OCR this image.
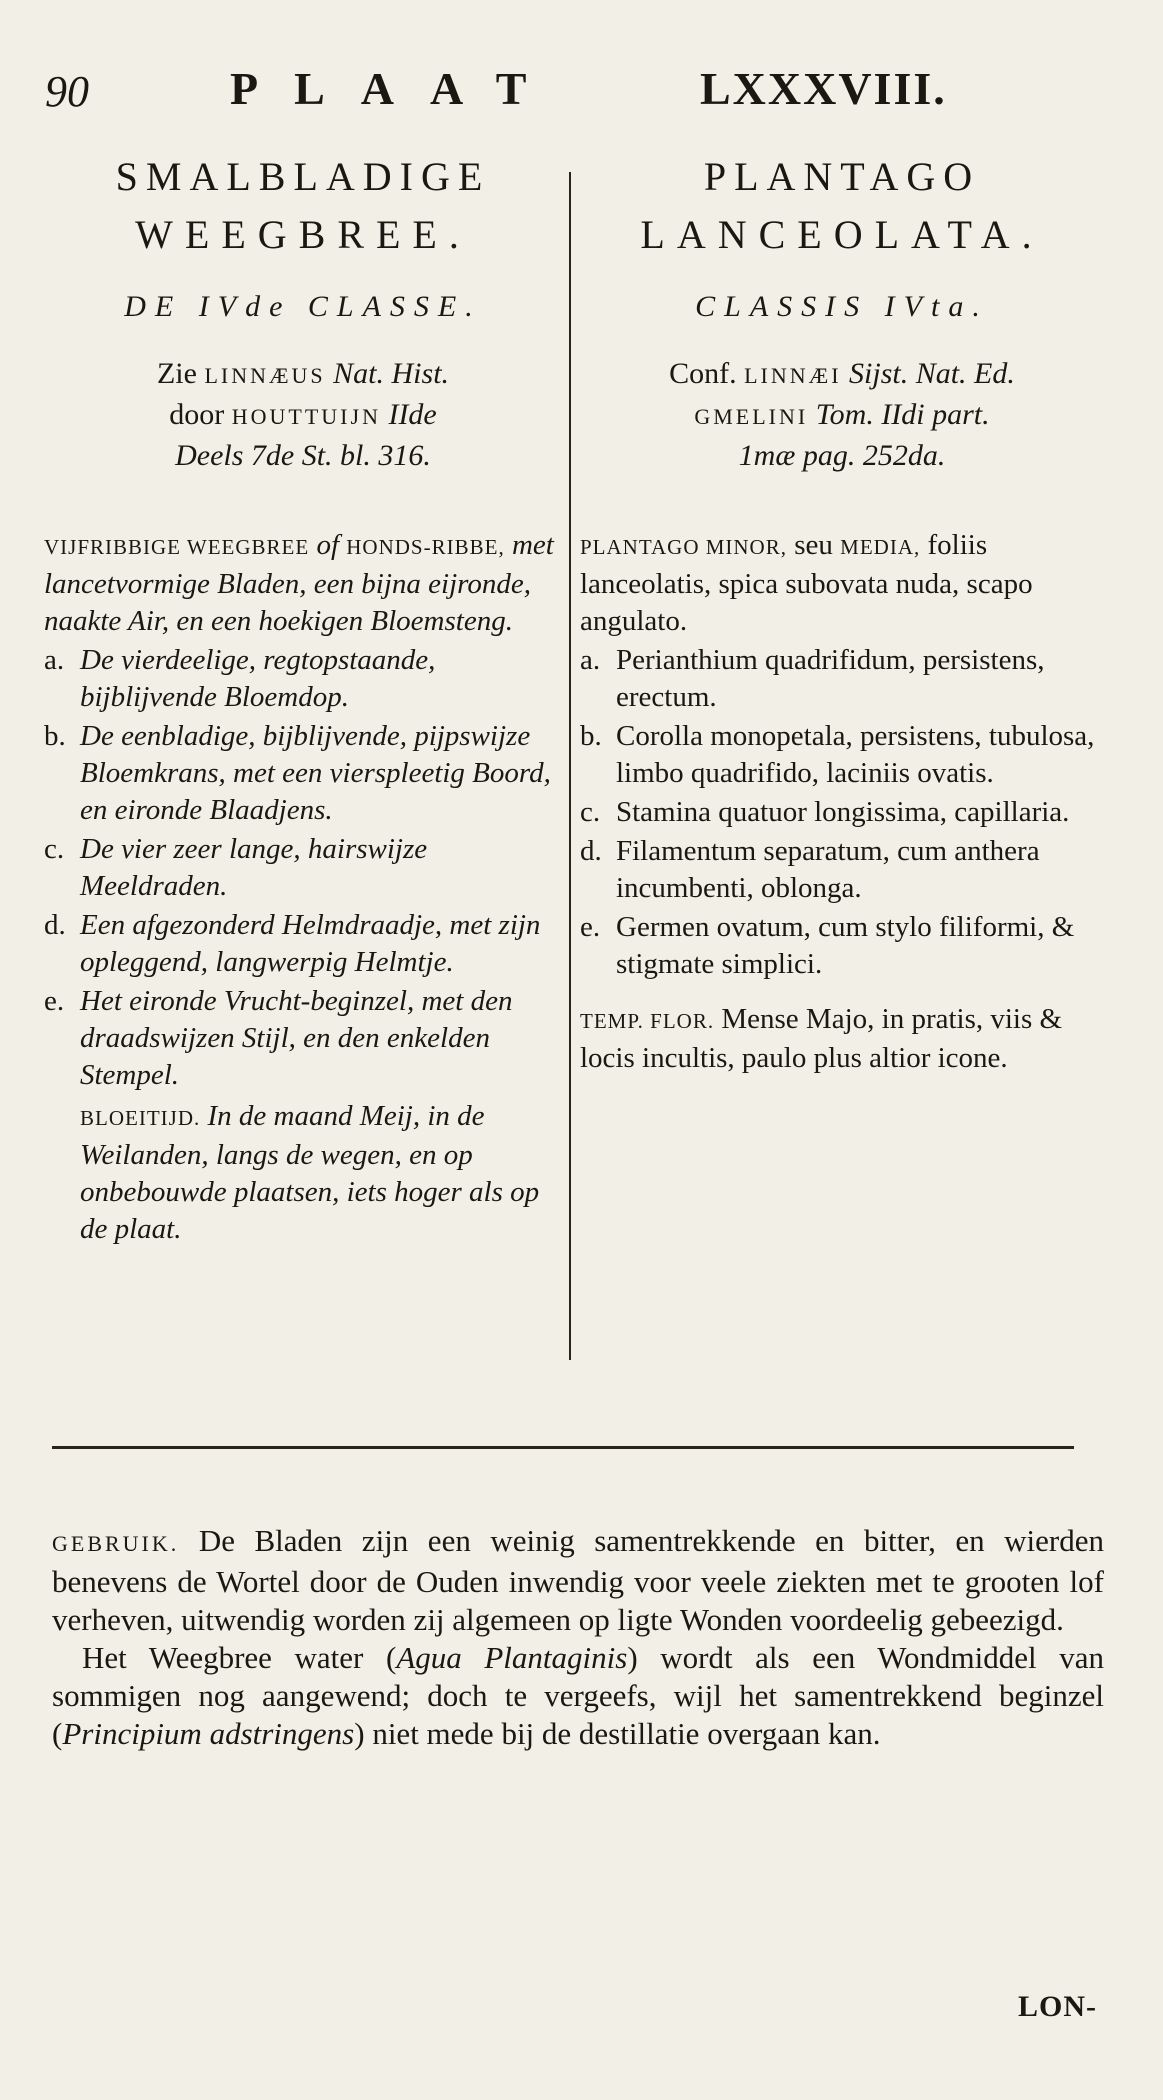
90	PLAAT	LXXXVIII.
SMALBLADIGE
WEEGBREE.
DE IVde CLASSE.
Zie LINNÆUS Nat. Hist.
door HOUTTUIJN IIde
Deels 7de St. bl. 316.
VIJFRIBBIGE WEEGBREE of HONDS-RIBBE, met lancetvormige Bladen, een bijna eijronde, naakte Air, en een hoekigen Bloemsteng.
a. De vierdeelige, regtopstaande, bijblijvende Bloemdop.
b. De eenbladige, bijblijvende, pijpswijze Bloemkrans, met een vierspleetig Boord, en eironde Blaadjens.
c. De vier zeer lange, hairswijze Meeldraden.
d. Een afgezonderd Helmdraadje, met zijn opleggend, langwerpig Helmtje.
e. Het eironde Vrucht-beginzel, met den draadswijzen Stijl, en den enkelden Stempel.
BLOEITIJD. In de maand Meij, in de Weilanden, langs de wegen, en op onbebouwde plaatsen, iets hoger als op de plaat.
PLANTAGO
LANCEOLATA.
CLASSIS IVta.
Conf. LINNÆI Sijst. Nat. Ed.
GMELINI Tom. IIdi part.
1mæ pag. 252da.
PLANTAGO MINOR, seu MEDIA, foliis lanceolatis, spica subovata nuda, scapo angulato.
a. Perianthium quadrifidum, persistens, erectum.
b. Corolla monopetala, persistens, tubulosa, limbo quadrifido, laciniis ovatis.
c. Stamina quatuor longissima, capillaria.
d. Filamentum separatum, cum anthera incumbenti, oblonga.
e. Germen ovatum, cum stylo filiformi, & stigmate simplici.
TEMP. FLOR. Mense Majo, in pratis, viis & locis incultis, paulo plus altior icone.

GEBRUIK. De Bladen zijn een weinig samentrekkende en bitter, en wierden benevens de Wortel door de Ouden inwendig voor veele ziekten met te grooten lof verheven, uitwendig worden zij algemeen op ligte Wonden voordeelig gebeezigd.

Het Weegbree water (Agua Plantaginis) wordt als een Wondmiddel van sommigen nog aangewend; doch te vergeefs, wijl het samentrekkend beginzel (Principium adstringens) niet mede bij de destillatie overgaan kan.

LON-
